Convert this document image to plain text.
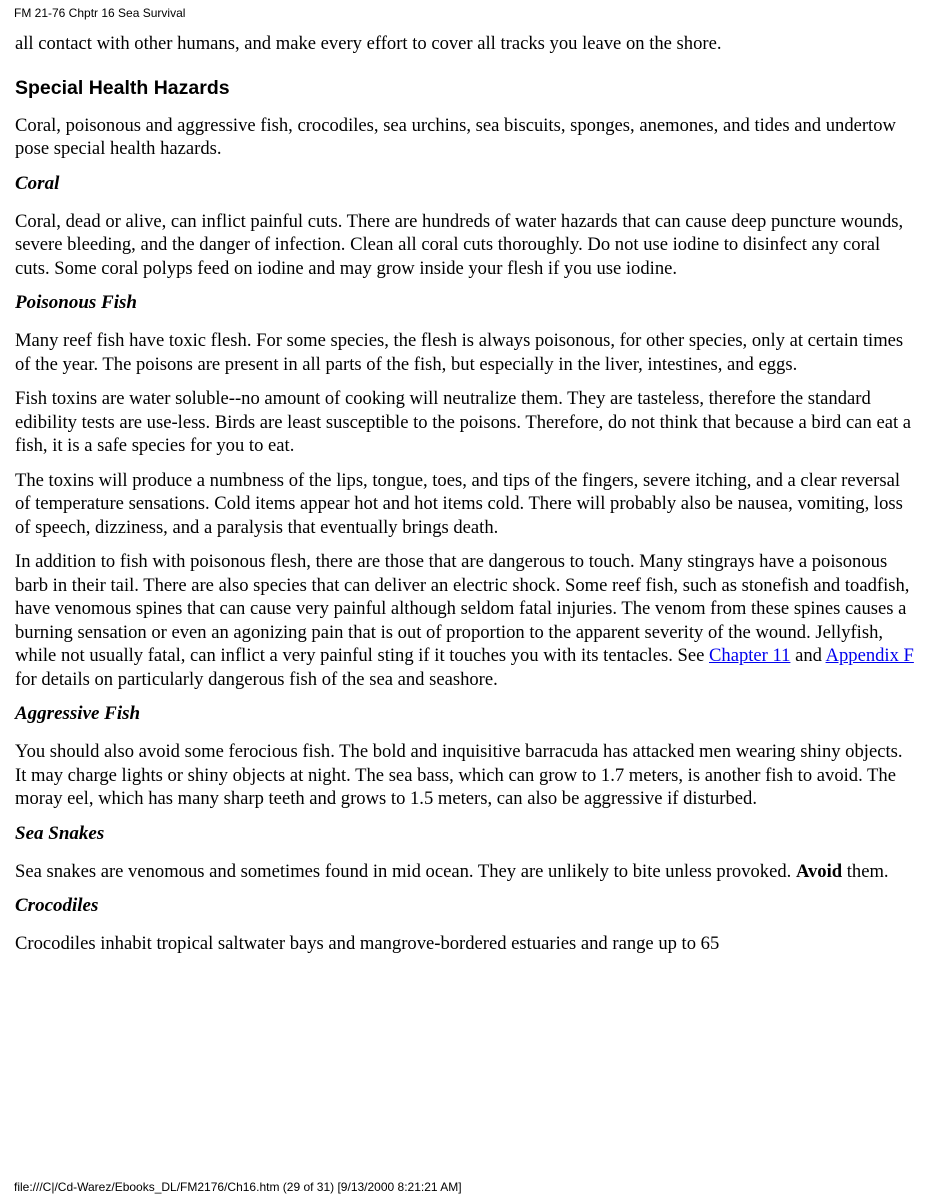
FM 21-76 Chptr 16 Sea Survival

all contact with other humans, and make every effort to cover all tracks you leave on the shore.

Special Health Hazards

Coral, poisonous and aggressive fish, crocodiles, sea urchins, sea biscuits, sponges, anemones, and tides and undertow pose special health hazards.

Coral

Coral, dead or alive, can inflict painful cuts. There are hundreds of water hazards that can cause deep puncture wounds, severe bleeding, and the danger of infection. Clean all coral cuts thoroughly. Do not use iodine to disinfect any coral cuts. Some coral polyps feed on iodine and may grow inside your flesh if you use iodine.

Poisonous Fish

Many reef fish have toxic flesh. For some species, the flesh is always poisonous, for other species, only at certain times of the year. The poisons are present in all parts of the fish, but especially in the liver, intestines, and eggs.

Fish toxins are water soluble--no amount of cooking will neutralize them. They are tasteless, therefore the standard edibility tests are use-less. Birds are least susceptible to the poisons. Therefore, do not think that because a bird can eat a fish, it is a safe species for you to eat.

The toxins will produce a numbness of the lips, tongue, toes, and tips of the fingers, severe itching, and a clear reversal of temperature sensations. Cold items appear hot and hot items cold. There will probably also be nausea, vomiting, loss of speech, dizziness, and a paralysis that eventually brings death.

In addition to fish with poisonous flesh, there are those that are dangerous to touch. Many stingrays have a poisonous barb in their tail. There are also species that can deliver an electric shock. Some reef fish, such as stonefish and toadfish, have venomous spines that can cause very painful although seldom fatal injuries. The venom from these spines causes a burning sensation or even an agonizing pain that is out of proportion to the apparent severity of the wound. Jellyfish, while not usually fatal, can inflict a very painful sting if it touches you with its tentacles. See Chapter 11 and Appendix F for details on particularly dangerous fish of the sea and seashore.

Aggressive Fish

You should also avoid some ferocious fish. The bold and inquisitive barracuda has attacked men wearing shiny objects. It may charge lights or shiny objects at night. The sea bass, which can grow to 1.7 meters, is another fish to avoid. The moray eel, which has many sharp teeth and grows to 1.5 meters, can also be aggressive if disturbed.

Sea Snakes

Sea snakes are venomous and sometimes found in mid ocean. They are unlikely to bite unless provoked. Avoid them.

Crocodiles

Crocodiles inhabit tropical saltwater bays and mangrove-bordered estuaries and range up to 65

file:///C|/Cd-Warez/Ebooks_DL/FM2176/Ch16.htm (29 of 31) [9/13/2000 8:21:21 AM]
